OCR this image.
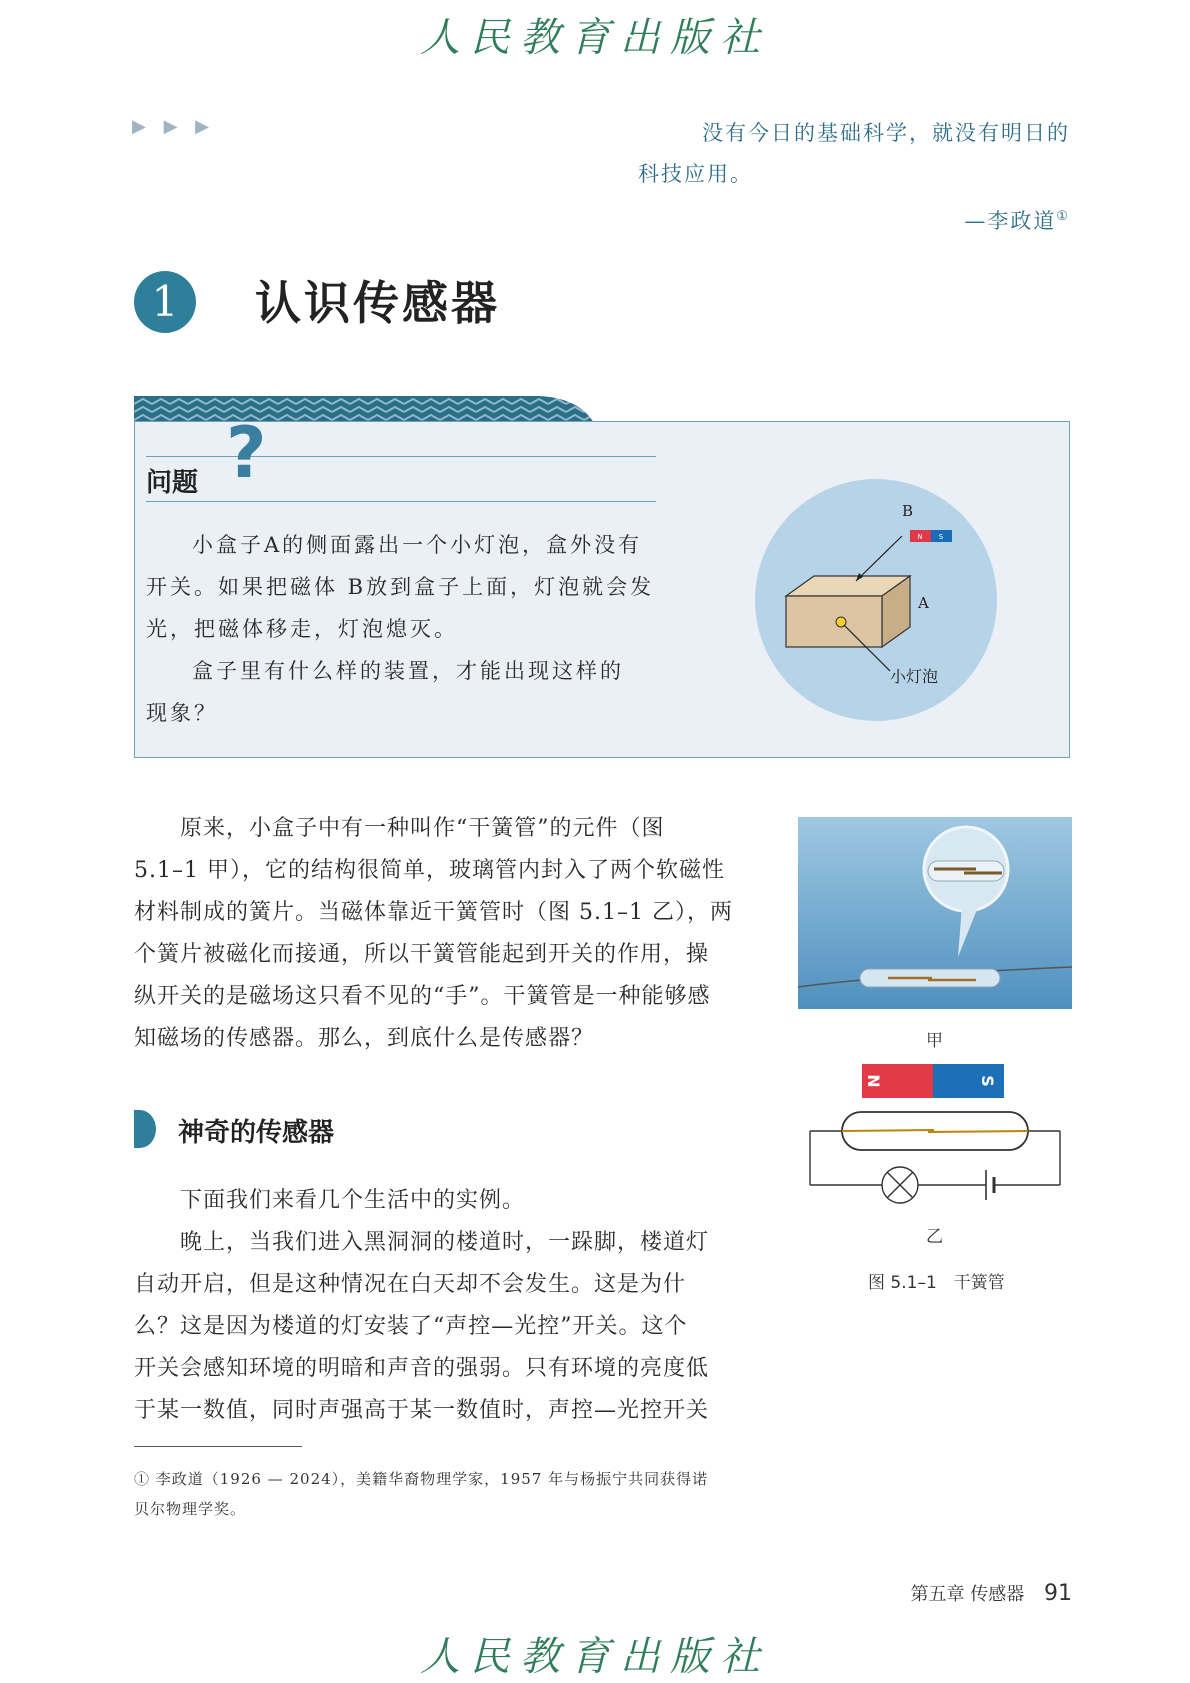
人民教育出版社
▶ ▶ ▶	没有今日的基础科学，就没有明日的
科技应用。
—李政道①
1	认识传感器
问题 ?
小盒子A的侧面露出一个小灯泡，盒外没有
开关。如果把磁体 B放到盒子上面，灯泡就会发
光，把磁体移走，灯泡熄灭。
盒子里有什么样的装置，才能出现这样的
现象？
N S
B
A
小灯泡
原来，小盒子中有一种叫作“干簧管”的元件（图
5.1–1 甲），它的结构很简单，玻璃管内封入了两个软磁性
材料制成的簧片。当磁体靠近干簧管时（图 5.1–1 乙），两
个簧片被磁化而接通，所以干簧管能起到开关的作用，操
纵开关的是磁场这只看不见的“手”。干簧管是一种能够感
知磁场的传感器。那么，到底什么是传感器？
神奇的传感器
下面我们来看几个生活中的实例。
晚上，当我们进入黑洞洞的楼道时，一跺脚，楼道灯
自动开启，但是这种情况在白天却不会发生。这是为什
么？这是因为楼道的灯安装了“声控—光控”开关。这个
开关会感知环境的明暗和声音的强弱。只有环境的亮度低
于某一数值，同时声强高于某一数值时，声控—光控开关
甲
N	S
乙
图 5.1–1　干簧管
① 李政道（1926 — 2024），美籍华裔物理学家，1957 年与杨振宁共同获得诺
贝尔物理学奖。
第五章 传感器 91
人民教育出版社
